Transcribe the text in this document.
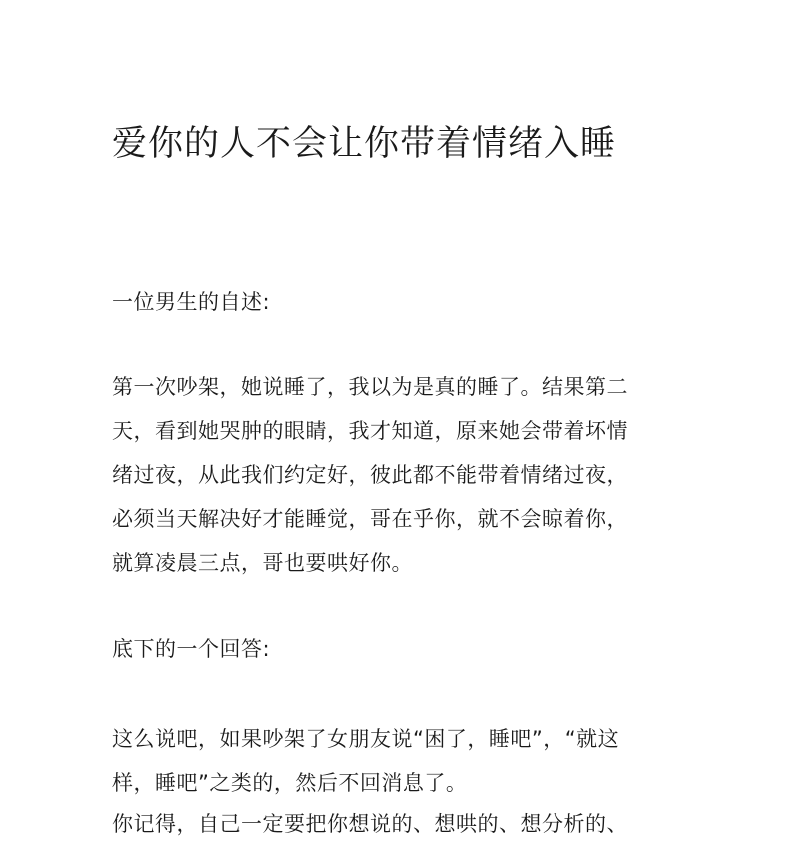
爱你的人不会让你带着情绪入睡

一位男生的自述:

第一次吵架，她说睡了，我以为是真的睡了。结果第二
天，看到她哭肿的眼睛，我才知道，原来她会带着坏情
绪过夜，从此我们约定好，彼此都不能带着情绪过夜，
必须当天解决好才能睡觉，哥在乎你，就不会晾着你，
就算凌晨三点，哥也要哄好你。

底下的一个回答:

这么说吧，如果吵架了女朋友说“困了，睡吧”，“就这
样，睡吧”之类的，然后不回消息了。

你记得，自己一定要把你想说的、想哄的、想分析的、
